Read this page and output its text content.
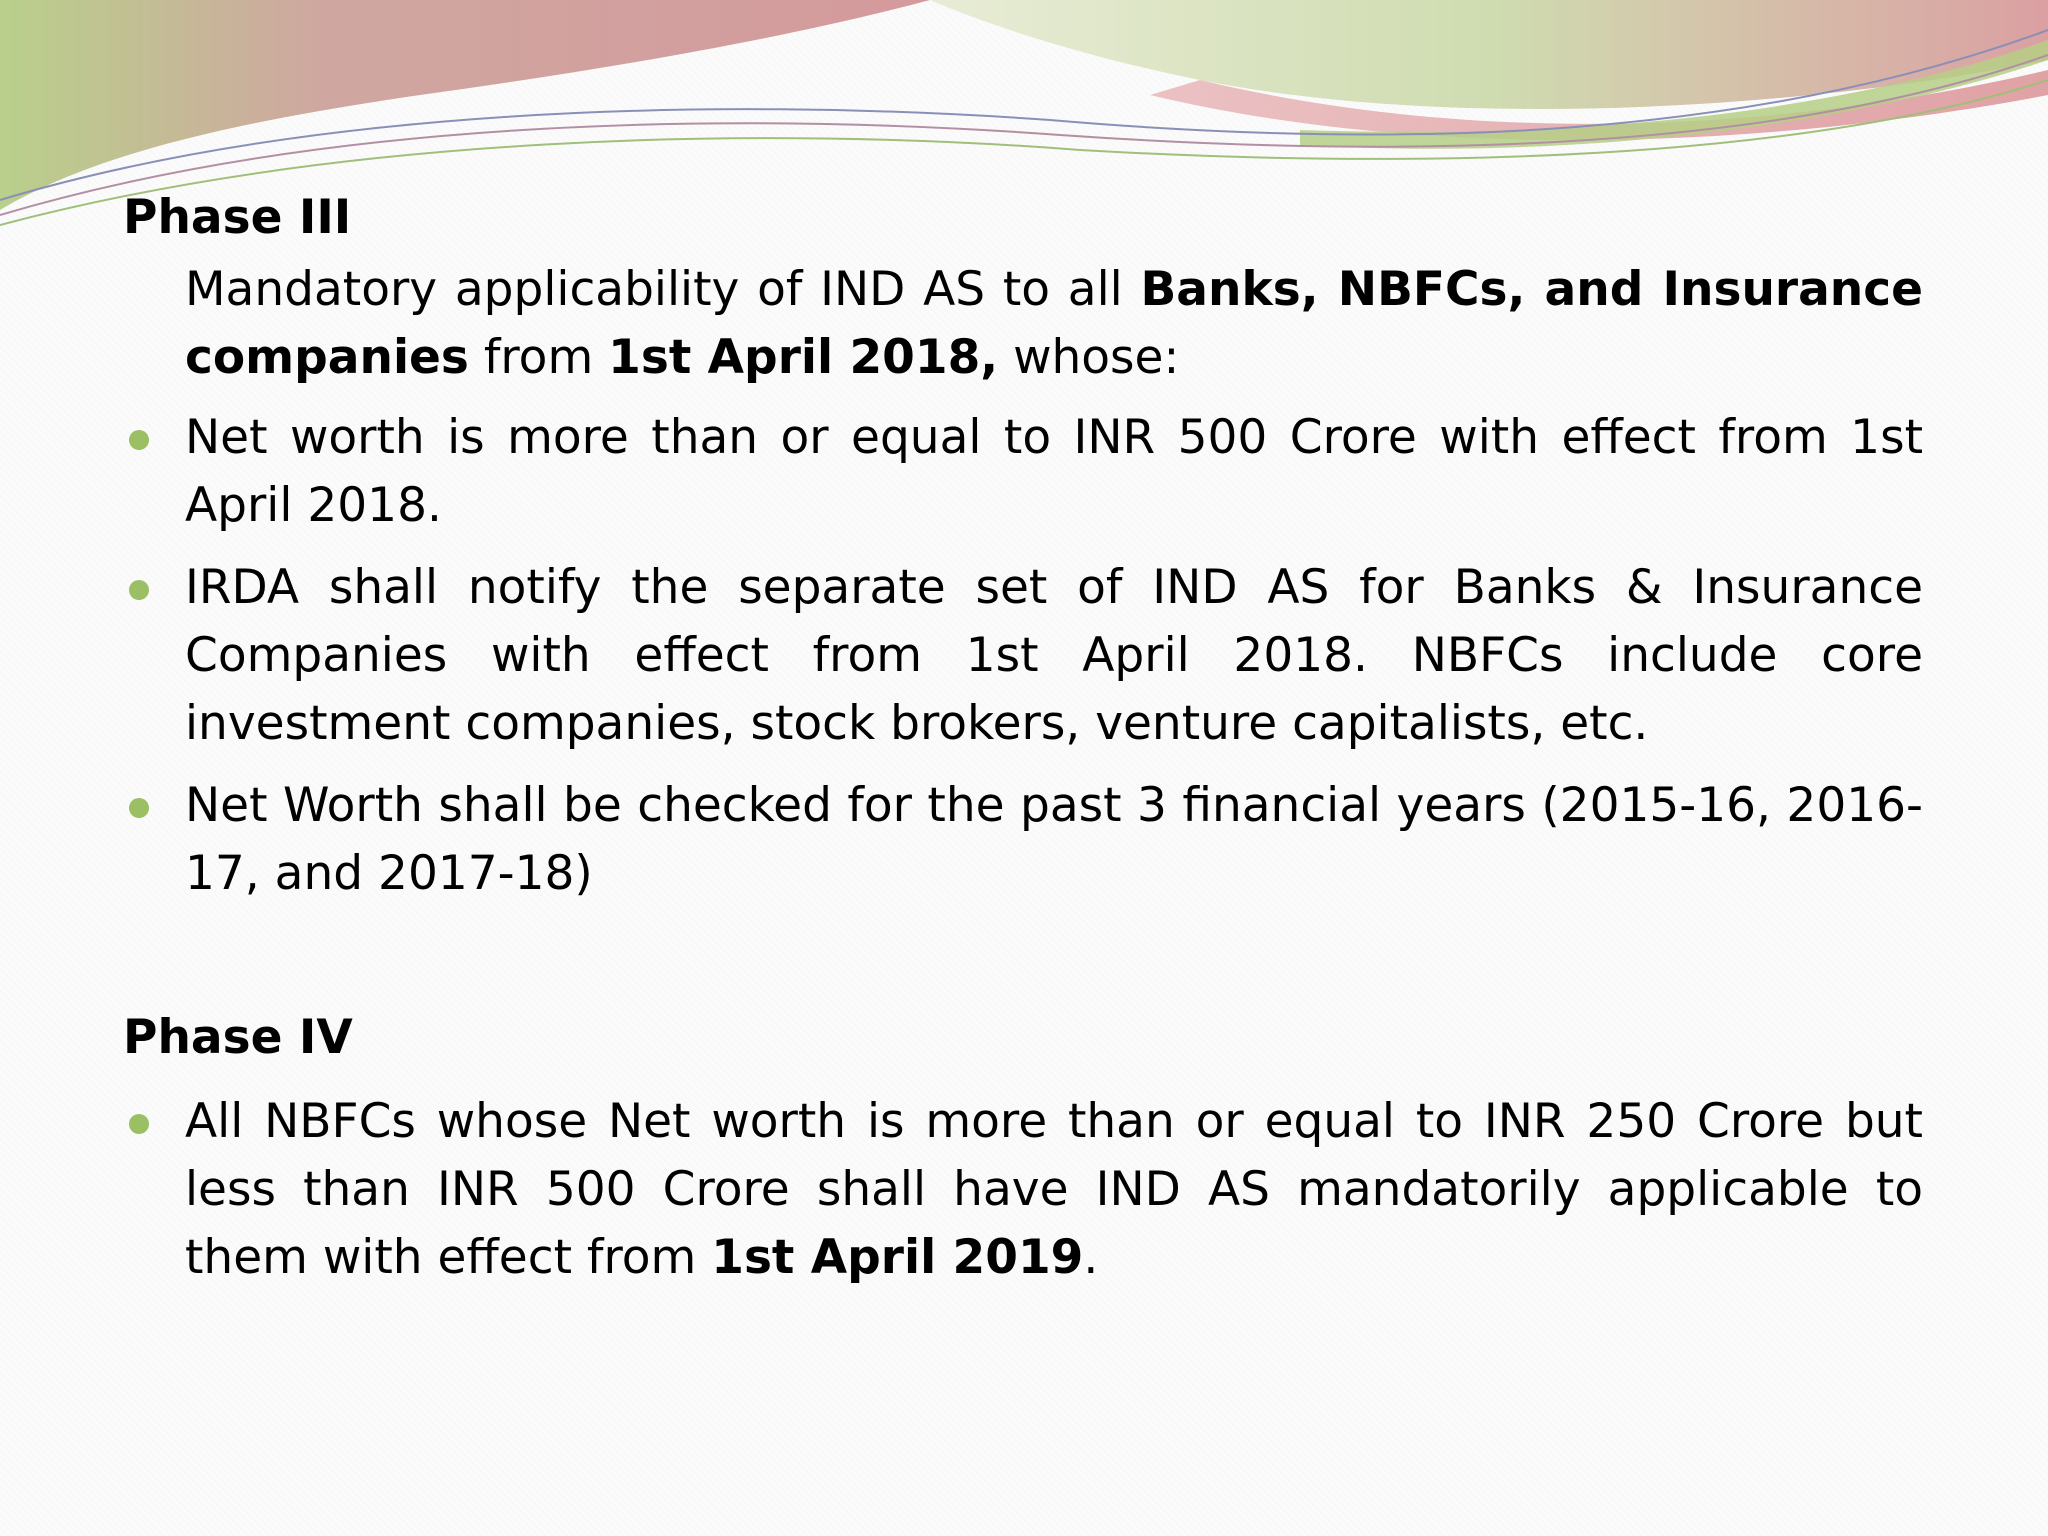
Phase III

Mandatory applicability of IND AS to all Banks, NBFCs, and Insurance companies from 1st April 2018, whose:

Net worth is more than or equal to INR 500 Crore with effect from 1st April 2018.
IRDA shall notify the separate set of IND AS for Banks & Insurance Companies with effect from 1st April 2018. NBFCs include core investment companies, stock brokers, venture capitalists, etc.
Net Worth shall be checked for the past 3 financial years (2015-16, 2016-17, and 2017-18)
Phase IV
All NBFCs whose Net worth is more than or equal to INR 250 Crore but less than INR 500 Crore shall have IND AS mandatorily applicable to them with effect from 1st April 2019.
